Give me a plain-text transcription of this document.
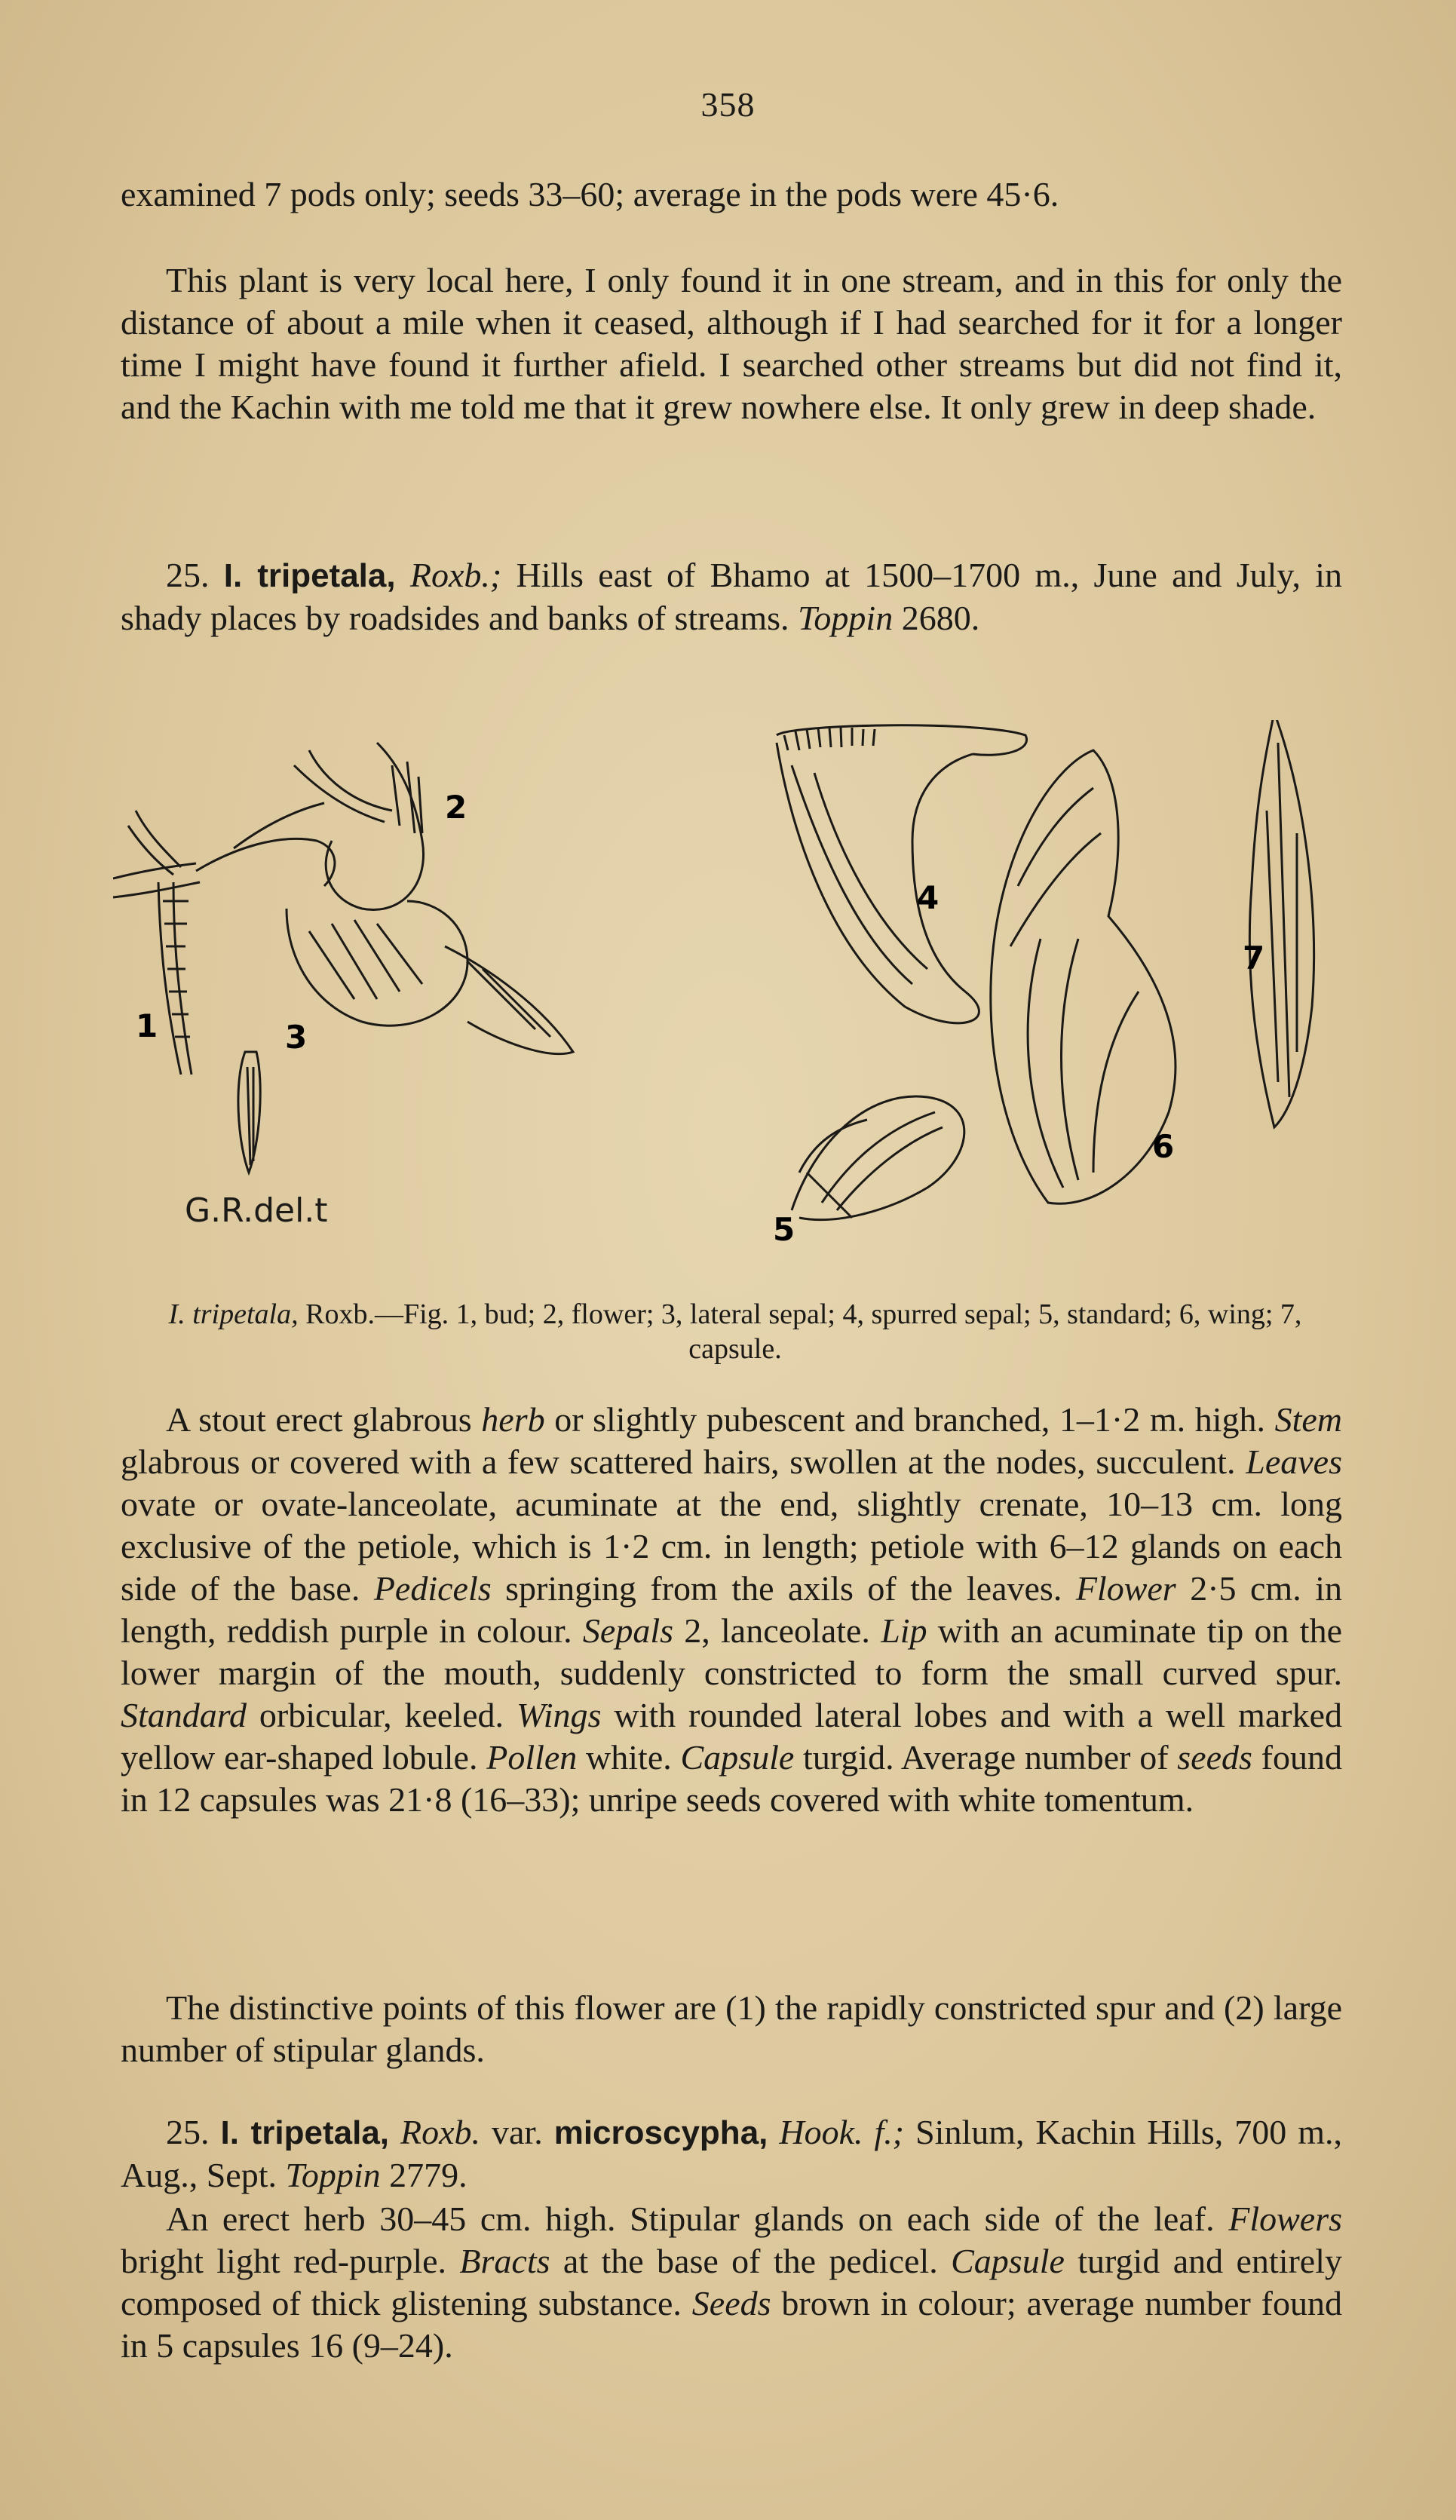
358

examined 7 pods only; seeds 33–60; average in the pods were 45·6.

This plant is very local here, I only found it in one stream, and in this for only the distance of about a mile when it ceased, although if I had searched for it for a longer time I might have found it further afield. I searched other streams but did not find it, and the Kachin with me told me that it grew nowhere else. It only grew in deep shade.

25. I. tripetala, Roxb.; Hills east of Bhamo at 1500–1700 m., June and July, in shady places by roadsides and banks of streams. Toppin 2680.

1
2
3
4
5
6
7
G.R.del.t
I. tripetala, Roxb.—Fig. 1, bud; 2, flower; 3, lateral sepal; 4, spurred sepal; 5, standard; 6, wing; 7, capsule.

A stout erect glabrous herb or slightly pubescent and branched, 1–1·2 m. high. Stem glabrous or covered with a few scattered hairs, swollen at the nodes, succulent. Leaves ovate or ovate-lanceolate, acuminate at the end, slightly crenate, 10–13 cm. long exclusive of the petiole, which is 1·2 cm. in length; petiole with 6–12 glands on each side of the base. Pedicels springing from the axils of the leaves. Flower 2·5 cm. in length, reddish purple in colour. Sepals 2, lanceolate. Lip with an acuminate tip on the lower margin of the mouth, suddenly constricted to form the small curved spur. Standard orbicular, keeled. Wings with rounded lateral lobes and with a well marked yellow ear-shaped lobule. Pollen white. Capsule turgid. Average number of seeds found in 12 capsules was 21·8 (16–33); unripe seeds covered with white tomentum.

The distinctive points of this flower are (1) the rapidly constricted spur and (2) large number of stipular glands.

25. I. tripetala, Roxb. var. microscypha, Hook. f.; Sinlum, Kachin Hills, 700 m., Aug., Sept. Toppin 2779.

An erect herb 30–45 cm. high. Stipular glands on each side of the leaf. Flowers bright light red-purple. Bracts at the base of the pedicel. Capsule turgid and entirely composed of thick glistening substance. Seeds brown in colour; average number found in 5 capsules 16 (9–24).
